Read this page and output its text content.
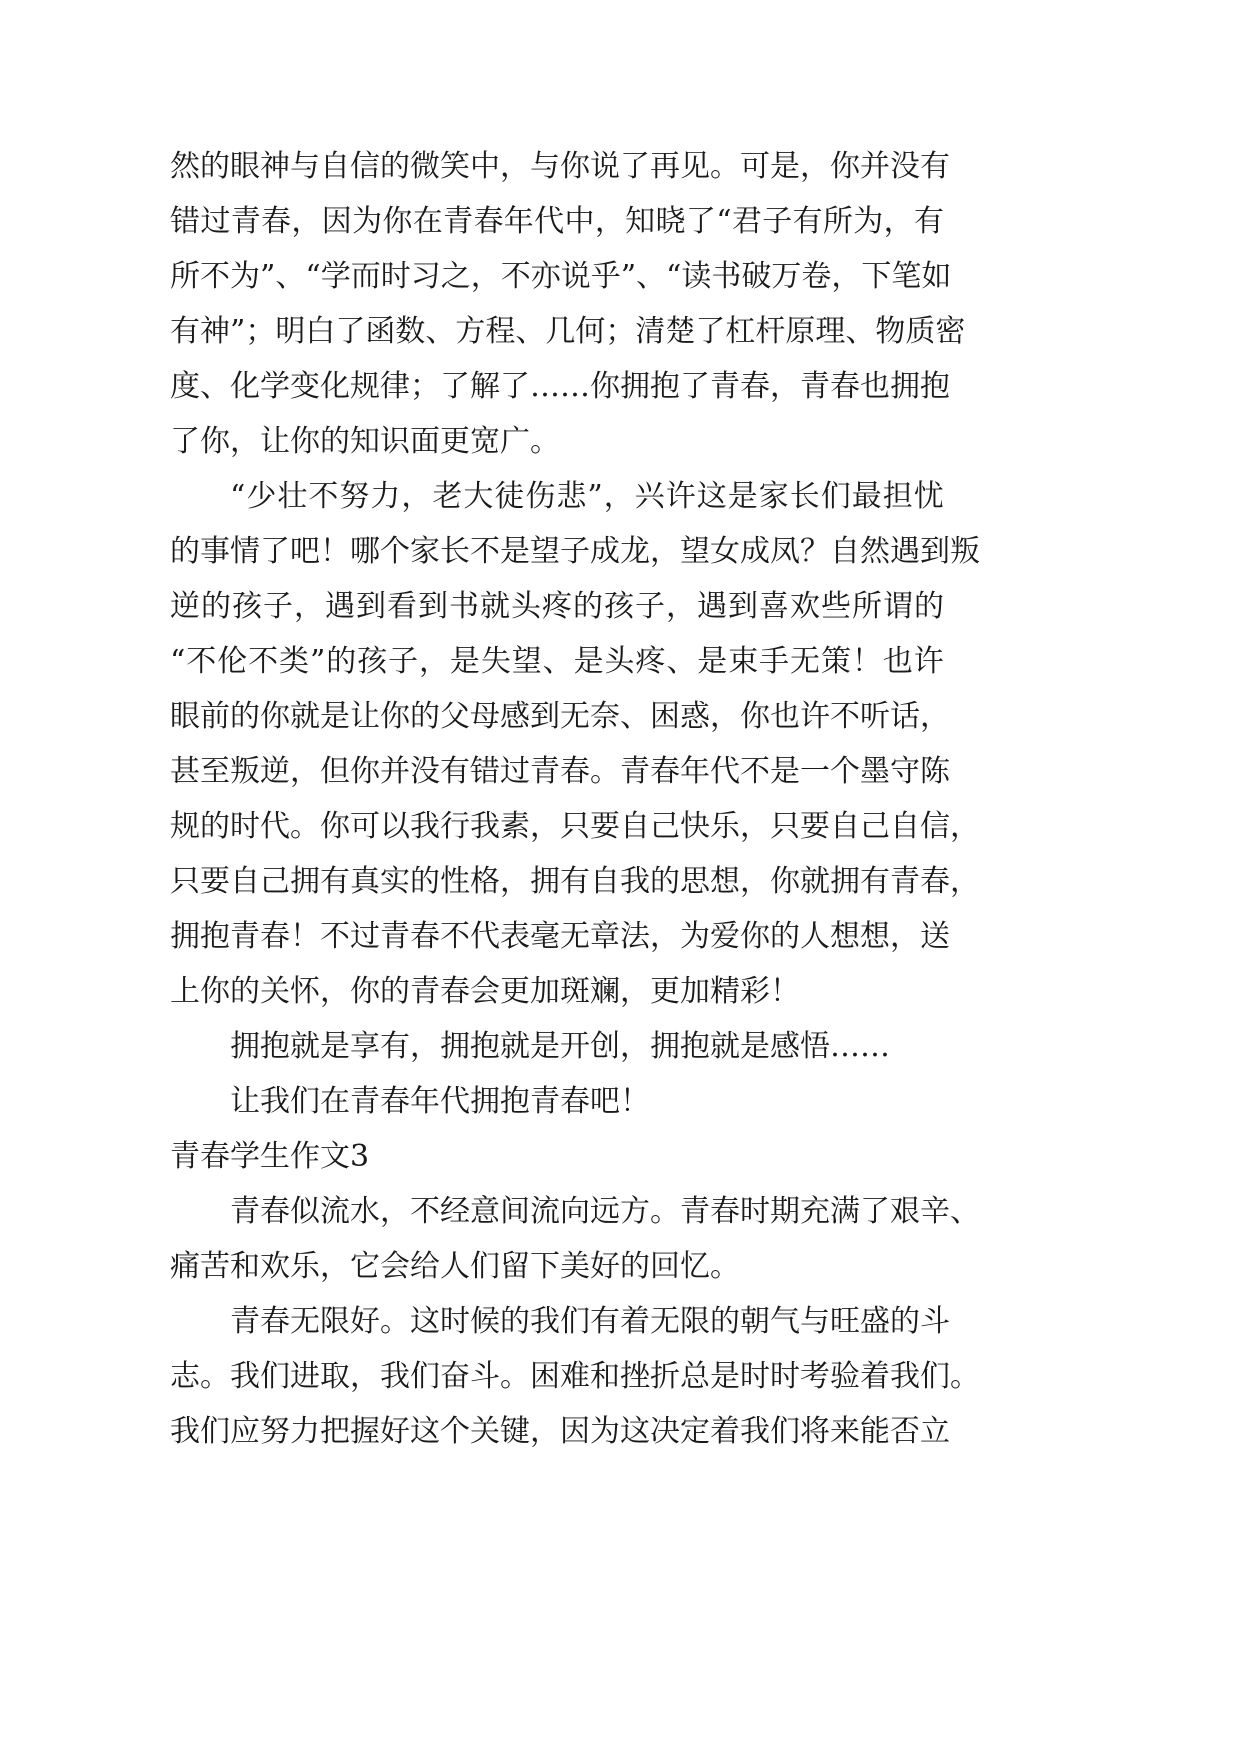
然 的 眼 神 与 自 信 的 微 笑 中 ， 与 你 说 了 再 见 。 可 是 ， 你 并 没 有
错 过 青 春 ， 因 为 你 在 青 春 年 代 中 ， 知 晓 了 “ 君 子 有 所 为 ， 有
所 不 为 ” 、 “ 学 而 时 习 之 ， 不 亦 说 乎 ” 、 “ 读 书 破 万 卷 ， 下 笔 如
有 神 ” ； 明 白 了 函 数 、 方 程 、 几 何 ； 清 楚 了 杠 杆 原 理 、 物 质 密
度 、 化 学 变 化 规 律 ； 了 解 了 … … 你 拥 抱 了 青 春 ， 青 春 也 拥 抱
了你，让你的知识面更宽广。
“ 少 壮 不 努 力 ， 老 大 徒 伤 悲 ” ， 兴 许 这 是 家 长 们 最 担 忧
的 事 情 了 吧 ！ 哪 个 家 长 不 是 望 子 成 龙 ， 望 女 成 凤 ？ 自 然 遇 到 叛
逆 的 孩 子 ， 遇 到 看 到 书 就 头 疼 的 孩 子 ， 遇 到 喜 欢 些 所 谓 的
“ 不 伦 不 类 ” 的 孩 子 ， 是 失 望 、 是 头 疼 、 是 束 手 无 策 ！ 也 许
眼 前 的 你 就 是 让 你 的 父 母 感 到 无 奈 、 困 惑 ， 你 也 许 不 听 话 ，
甚 至 叛 逆 ， 但 你 并 没 有 错 过 青 春 。 青 春 年 代 不 是 一 个 墨 守 陈
规 的 时 代 。 你 可 以 我 行 我 素 ， 只 要 自 己 快 乐 ， 只 要 自 己 自 信 ，
只 要 自 己 拥 有 真 实 的 性 格 ， 拥 有 自 我 的 思 想 ， 你 就 拥 有 青 春 ，
拥 抱 青 春 ！ 不 过 青 春 不 代 表 毫 无 章 法 ， 为 爱 你 的 人 想 想 ， 送
上你的关怀，你的青春会更加斑斓，更加精彩！
拥抱就是享有，拥抱就是开创，拥抱就是感悟……
让我们在青春年代拥抱青春吧！
青春学生作文3
青 春 似 流 水 ， 不 经 意 间 流 向 远 方 。 青 春 时 期 充 满 了 艰 辛 、
痛苦和欢乐，它会给人们留下美好的回忆。
青 春 无 限 好 。 这 时 候 的 我 们 有 着 无 限 的 朝 气 与 旺 盛 的 斗
志 。 我 们 进 取 ， 我 们 奋 斗 。 困 难 和 挫 折 总 是 时 时 考 验 着 我 们 。
我 们 应 努 力 把 握 好 这 个 关 键 ， 因 为 这 决 定 着 我 们 将 来 能 否 立
